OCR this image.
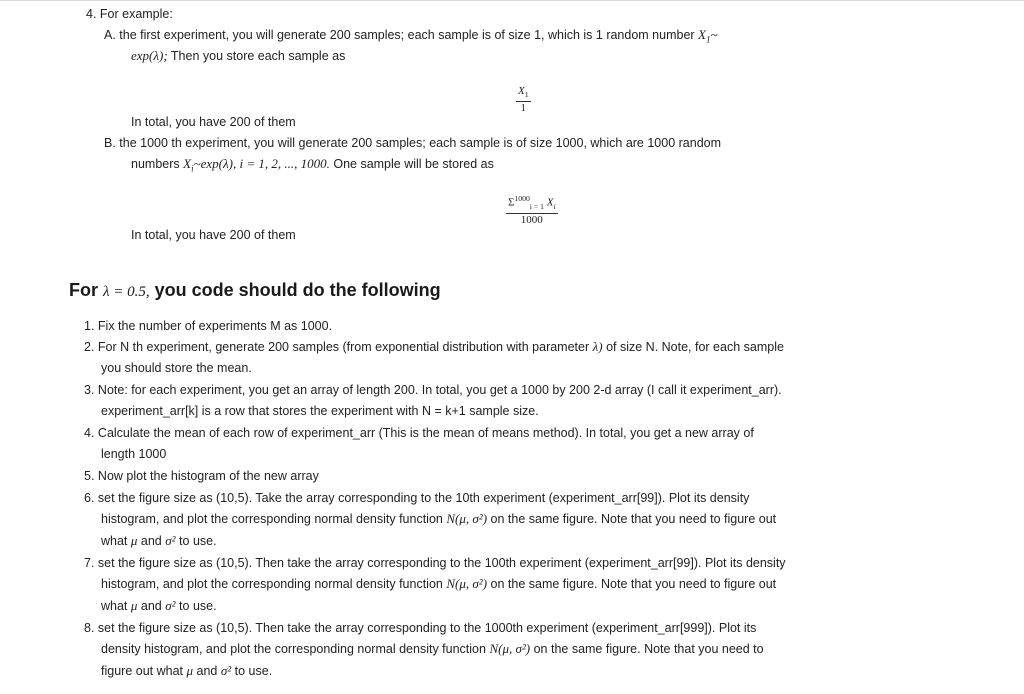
4. For example:
A. the first experiment, you will generate 200 samples; each sample is of size 1, which is 1 random number $X_1\sim$
exp(λ); Then you store each sample as
$X_1$
1
In total, you have 200 of them
B. the 1000 th experiment, you will generate 200 samples; each sample is of size 1000, which are 1000 random
numbers $X_i\sim\exp(\lambda)$, i = 1, 2, ..., 1000. One sample will be stored as
$\Sigma^{1000}_{i = 1}$ $X_i$
1000
In total, you have 200 of them
For λ = 0.5, you code should do the following
1. Fix the number of experiments M as 1000.
2. For N th experiment, generate 200 samples (from exponential distribution with parameter λ) of size N. Note, for each sample
you should store the mean.
3. Note: for each experiment, you get an array of length 200. In total, you get a 1000 by 200 2-d array (I call it experiment_arr).
experiment_arr[k] is a row that stores the experiment with N = k+1 sample size.
4. Calculate the mean of each row of experiment_arr (This is the mean of means method). In total, you get a new array of
length 1000
5. Now plot the histogram of the new array
6. set the figure size as (10,5). Take the array corresponding to the 10th experiment (experiment_arr[99]). Plot its density
histogram, and plot the corresponding normal density function N(μ, σ²) on the same figure. Note that you need to figure out
what μ and σ² to use.
7. set the figure size as (10,5). Then take the array corresponding to the 100th experiment (experiment_arr[99]). Plot its density
histogram, and plot the corresponding normal density function N(μ, σ²) on the same figure. Note that you need to figure out
what μ and σ² to use.
8. set the figure size as (10,5). Then take the array corresponding to the 1000th experiment (experiment_arr[999]). Plot its
density histogram, and plot the corresponding normal density function N(μ, σ²) on the same figure. Note that you need to
figure out what μ and σ² to use.
